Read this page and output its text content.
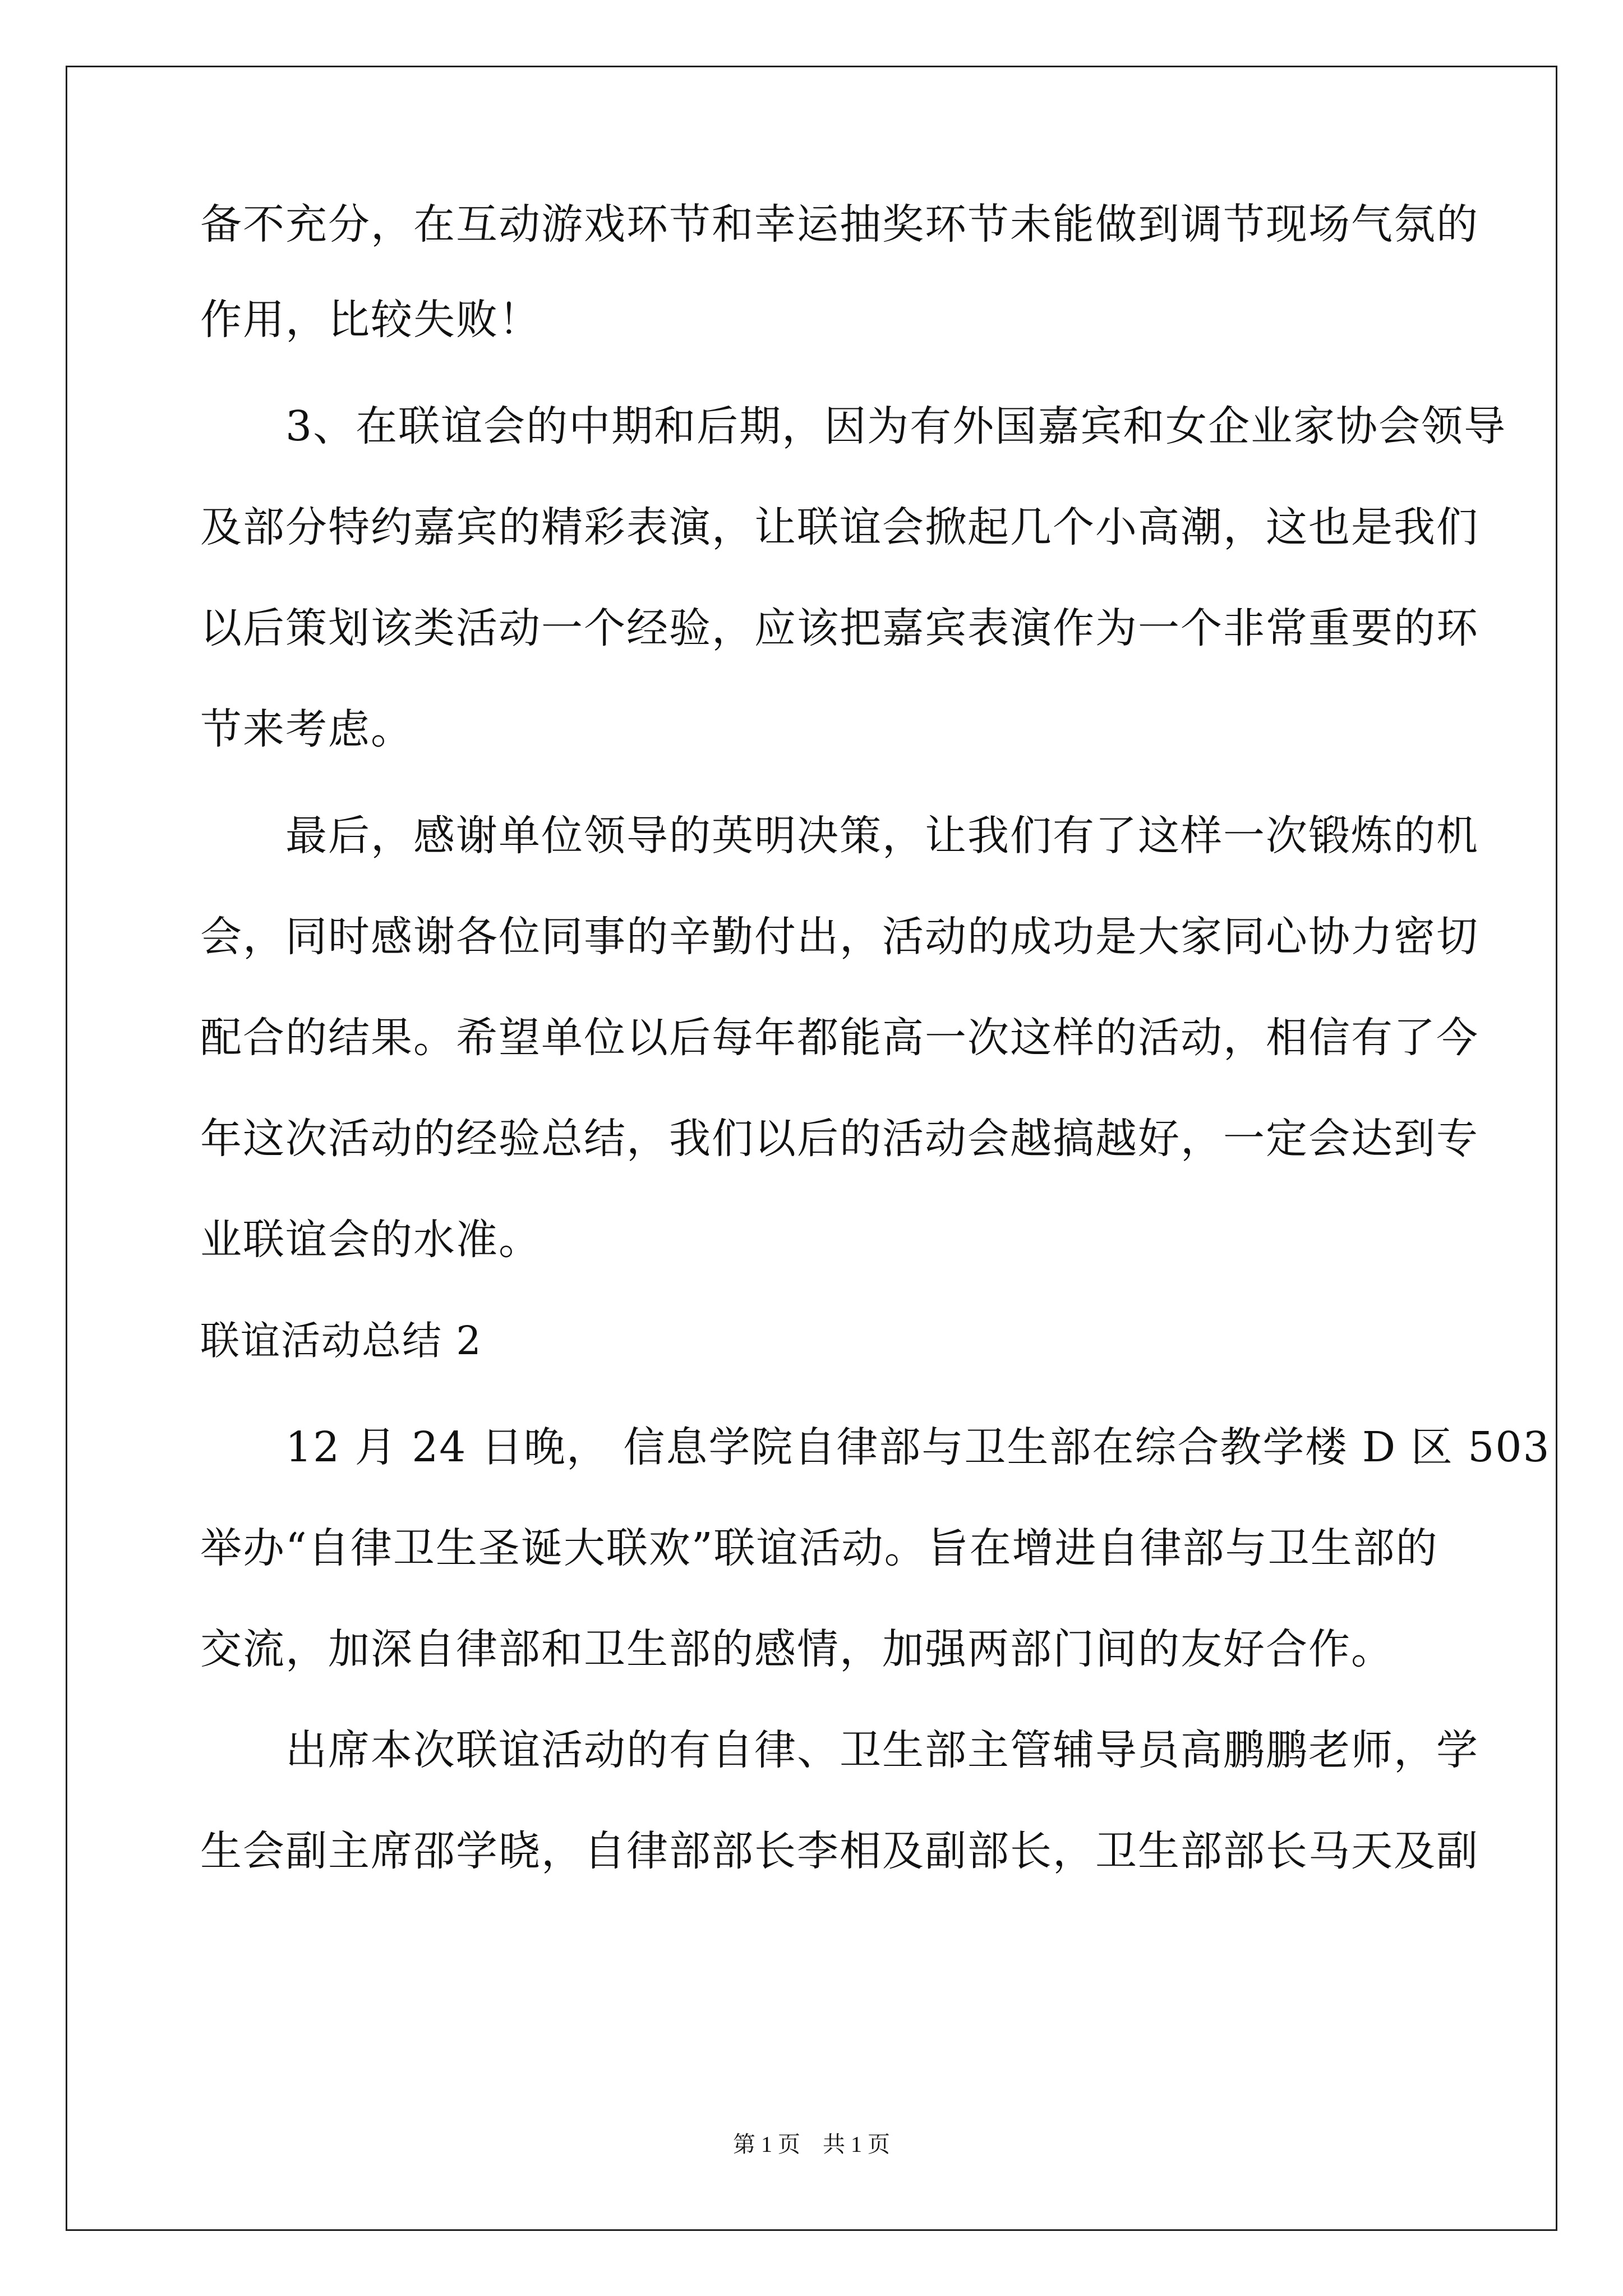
备不充分，在互动游戏环节和幸运抽奖环节未能做到调节现场气氛的
作用，比较失败！
　　3、在联谊会的中期和后期，因为有外国嘉宾和女企业家协会领导
及部分特约嘉宾的精彩表演，让联谊会掀起几个小高潮，这也是我们
以后策划该类活动一个经验，应该把嘉宾表演作为一个非常重要的环
节来考虑。
　　最后，感谢单位领导的英明决策，让我们有了这样一次锻炼的机
会，同时感谢各位同事的辛勤付出，活动的成功是大家同心协力密切
配合的结果。希望单位以后每年都能高一次这样的活动，相信有了今
年这次活动的经验总结，我们以后的活动会越搞越好，一定会达到专
业联谊会的水准。
联谊活动总结 2
　　12 月 24 日晚， 信息学院自律部与卫生部在综合教学楼 D 区 503
举办“自律卫生圣诞大联欢”联谊活动。旨在增进自律部与卫生部的
交流，加深自律部和卫生部的感情，加强两部门间的友好合作。
　　出席本次联谊活动的有自律、卫生部主管辅导员高鹏鹏老师，学
生会副主席邵学晓，自律部部长李相及副部长，卫生部部长马天及副
第 1 页 共 1 页
